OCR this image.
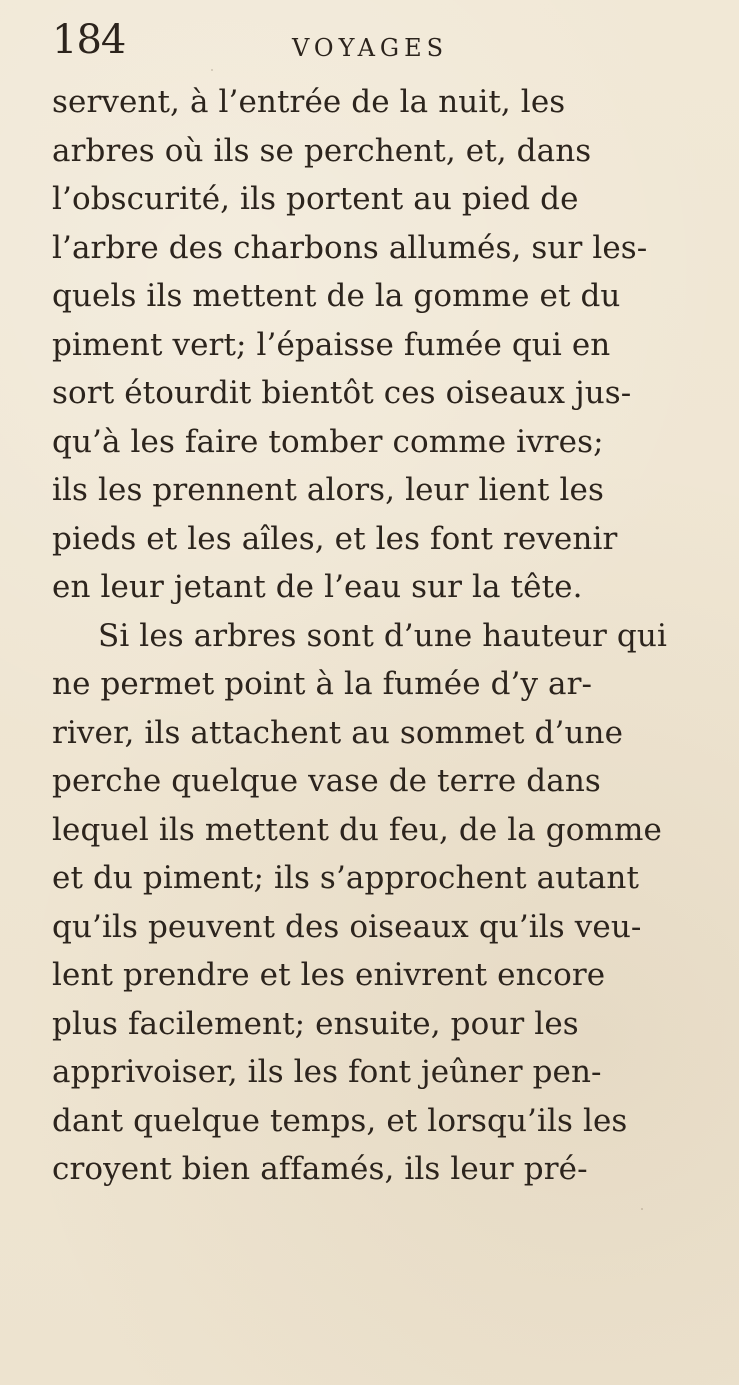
184	VOYAGES
servent, à l’entrée de la nuit, les
arbres où ils se perchent, et, dans
l’obscurité, ils portent au pied de
l’arbre des charbons allumés, sur les-
quels ils mettent de la gomme et du
piment vert; l’épaisse fumée qui en
sort étourdit bientôt ces oiseaux jus-
qu’à les faire tomber comme ivres;
ils les prennent alors, leur lient les
pieds et les aîles, et les font revenir
en leur jetant de l’eau sur la tête.
Si les arbres sont d’une hauteur qui
ne permet point à la fumée d’y ar-
river, ils attachent au sommet d’une
perche quelque vase de terre dans
lequel ils mettent du feu, de la gomme
et du piment; ils s’approchent autant
qu’ils peuvent des oiseaux qu’ils veu-
lent prendre et les enivrent encore
plus facilement; ensuite, pour les
apprivoiser, ils les font jeûner pen-
dant quelque temps, et lorsqu’ils les
croyent bien affamés, ils leur pré-
